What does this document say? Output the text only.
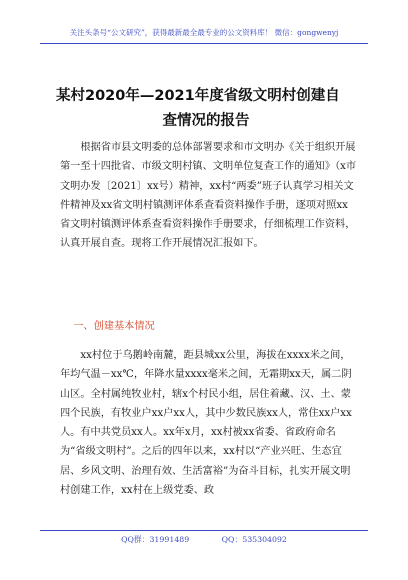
关注头条号“公文研究”，获得最新最全最专业的公文资料库！ 微信：gongwenyj
某村2020年—2021年度省级文明村创建自
查情况的报告

根据省市县文明委的总体部署要求和市文明办《关于组织开展第一至十四批省、市级文明村镇、文明单位复查工作的通知》（x市文明办发〔2021〕xx号）精神，xx村“两委”班子认真学习相关文件精神及xx省文明村镇测评体系查看资料操作手册，逐项对照xx省文明村镇测评体系查看资料操作手册要求，仔细梳理工作资料，认真开展自查。现将工作开展情况汇报如下。

一、创建基本情况

xx村位于乌鹅岭南麓，距县城xx公里，海拔在xxxx米之间，年均气温－xx℃，年降水量xxxx毫米之间，无霜期xx天，属二阴山区。全村属纯牧业村，辖x个村民小组，居住着藏、汉、土、蒙四个民族，有牧业户xx户xx人，其中少数民族xx人，常住xx户xx人。有中共党员xx人。xx年x月，xx村被xx省委、省政府命名为“省级文明村”。之后的四年以来，xx村以“产业兴旺、生态宜居、乡风文明、治理有效、生活富裕”为奋斗目标，扎实开展文明村创建工作，xx村在上级党委、政

QQ群：31991489	QQ：535304092
